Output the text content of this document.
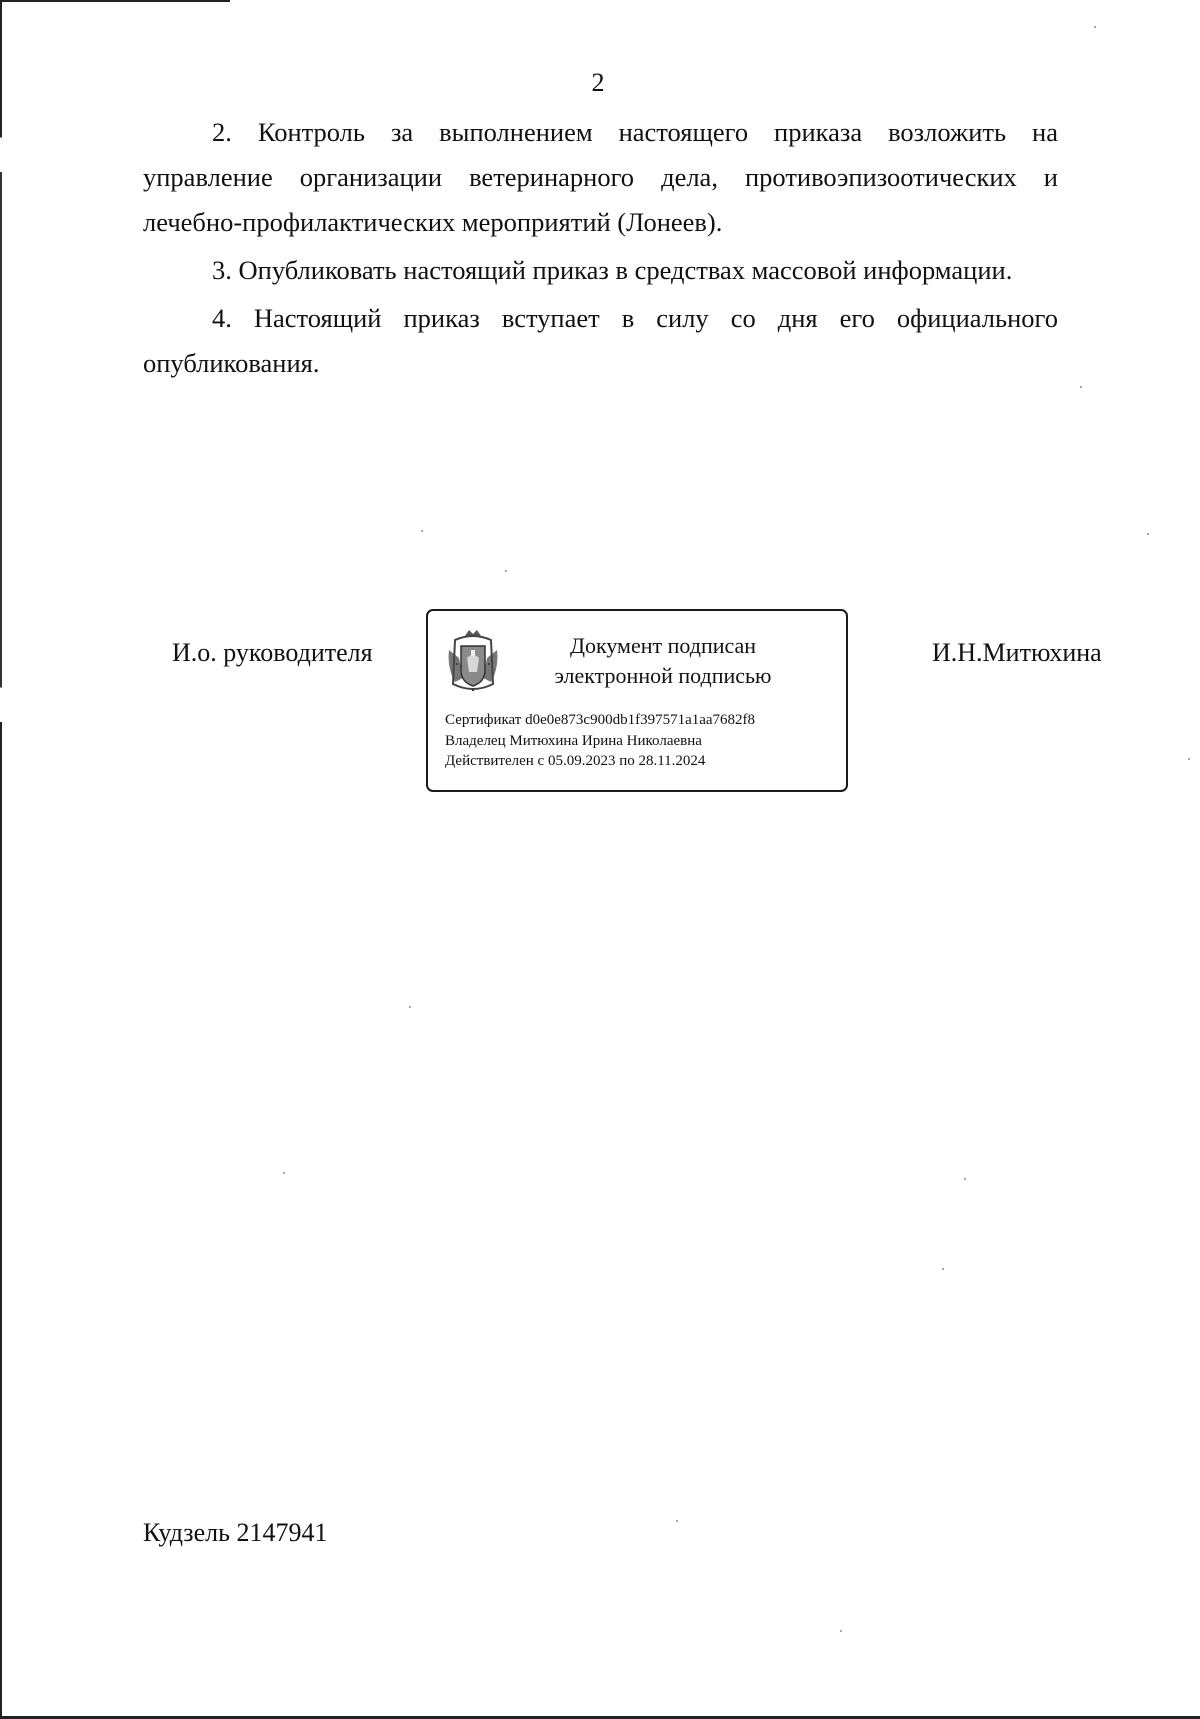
2

2. Контроль за выполнением настоящего приказа возложить на управление организации ветеринарного дела, противоэпизоотических и лечебно-профилактических мероприятий (Лонеев).

3. Опубликовать настоящий приказ в средствах массовой информации.

4. Настоящий приказ вступает в силу со дня его официального опубликования.

И.о. руководителя	Документ подписан
электронной подписью
Сертификат d0e0e873c900db1f397571a1aa7682f8
Владелец Митюхина Ирина Николаевна
Действителен с 05.09.2023 по 28.11.2024
И.Н.Митюхина
Кудзель 2147941
